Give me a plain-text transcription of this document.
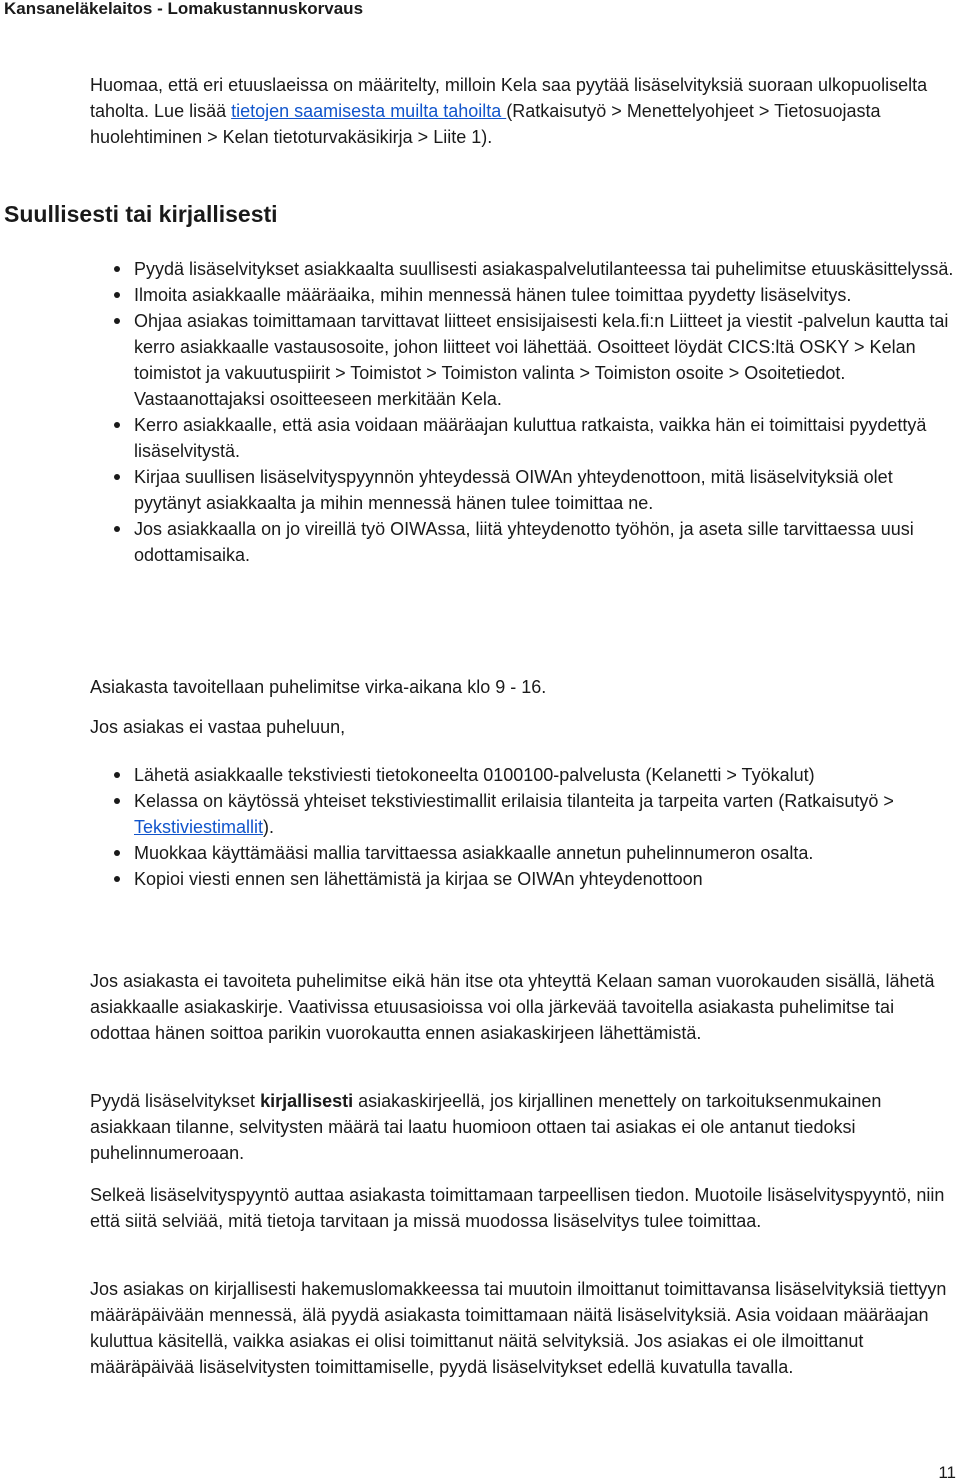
Kansaneläkelaitos - Lomakustannuskorvaus

Huomaa, että eri etuuslaeissa on määritelty, milloin Kela saa pyytää lisäselvityksiä suoraan ulkopuoliselta taholta. Lue lisää tietojen saamisesta muilta tahoilta (Ratkaisutyö > Menettelyohjeet > Tietosuojasta huolehtiminen > Kelan tietoturvakäsikirja > Liite 1).

Suullisesti tai kirjallisesti
Pyydä lisäselvitykset asiakkaalta suullisesti asiakaspalvelutilanteessa tai puhelimitse etuuskäsittelyssä.
Ilmoita asiakkaalle määräaika, mihin mennessä hänen tulee toimittaa pyydetty lisäselvitys.
Ohjaa asiakas toimittamaan tarvittavat liitteet ensisijaisesti kela.fi:n Liitteet ja viestit -palvelun kautta tai kerro asiakkaalle vastausosoite, johon liitteet voi lähettää. Osoitteet löydät CICS:ltä OSKY > Kelan toimistot ja vakuutuspiirit > Toimistot > Toimiston valinta > Toimiston osoite > Osoitetiedot. Vastaanottajaksi osoitteeseen merkitään Kela.
Kerro asiakkaalle, että asia voidaan määräajan kuluttua ratkaista, vaikka hän ei toimittaisi pyydettyä lisäselvitystä.
Kirjaa suullisen lisäselvityspyynnön yhteydessä OIWAn yhteydenottoon, mitä lisäselvityksiä olet pyytänyt asiakkaalta ja mihin mennessä hänen tulee toimittaa ne.
Jos asiakkaalla on jo vireillä työ OIWAssa, liitä yhteydenotto työhön, ja aseta sille tarvittaessa uusi odottamisaika.

Asiakasta tavoitellaan puhelimitse virka-aikana klo 9 - 16.

Jos asiakas ei vastaa puheluun,

Lähetä asiakkaalle tekstiviesti tietokoneelta 0100100-palvelusta (Kelanetti > Työkalut)
Kelassa on käytössä yhteiset tekstiviestimallit erilaisia tilanteita ja tarpeita varten (Ratkaisutyö > Tekstiviestimallit).
Muokkaa käyttämääsi mallia tarvittaessa asiakkaalle annetun puhelinnumeron osalta.
Kopioi viesti ennen sen lähettämistä ja kirjaa se OIWAn yhteydenottoon

Jos asiakasta ei tavoiteta puhelimitse eikä hän itse ota yhteyttä Kelaan saman vuorokauden sisällä, lähetä asiakkaalle asiakaskirje. Vaativissa etuusasioissa voi olla järkevää tavoitella asiakasta puhelimitse tai odottaa hänen soittoa parikin vuorokautta ennen asiakaskirjeen lähettämistä.

Pyydä lisäselvitykset kirjallisesti asiakaskirjeellä, jos kirjallinen menettely on tarkoituksenmukainen asiakkaan tilanne, selvitysten määrä tai laatu huomioon ottaen tai asiakas ei ole antanut tiedoksi puhelinnumeroaan.

Selkeä lisäselvityspyyntö auttaa asiakasta toimittamaan tarpeellisen tiedon. Muotoile lisäselvityspyyntö, niin että siitä selviää, mitä tietoja tarvitaan ja missä muodossa lisäselvitys tulee toimittaa.

Jos asiakas on kirjallisesti hakemuslomakkeessa tai muutoin ilmoittanut toimittavansa lisäselvityksiä tiettyyn määräpäivään mennessä, älä pyydä asiakasta toimittamaan näitä lisäselvityksiä. Asia voidaan määräajan kuluttua käsitellä, vaikka asiakas ei olisi toimittanut näitä selvityksiä. Jos asiakas ei ole ilmoittanut määräpäivää lisäselvitysten toimittamiselle, pyydä lisäselvitykset edellä kuvatulla tavalla.

11
